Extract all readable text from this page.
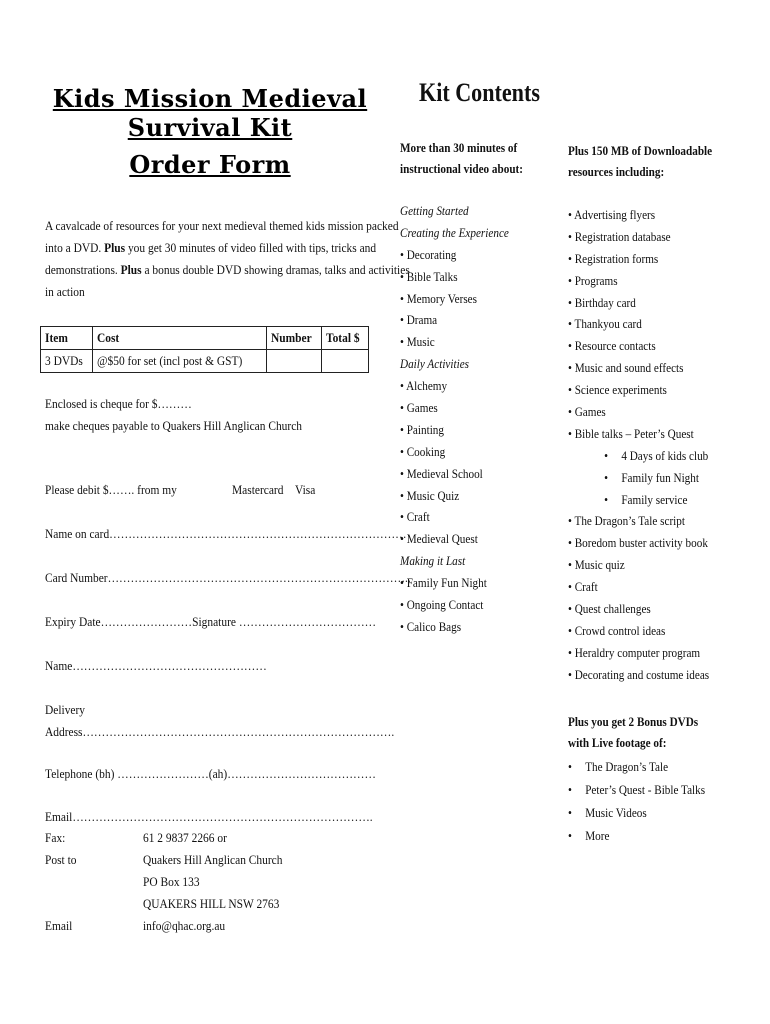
Kids Mission Medieval Survival Kit
Order Form
A cavalcade of resources for your next medieval themed kids mission packed into a DVD. Plus you get 30 minutes of video filled with tips, tricks and demonstrations. Plus a bonus double DVD showing dramas, talks and activities in action
Item	Cost	Number	Total $
3 DVDs	@$50 for set (incl post & GST)		
Enclosed is cheque for $………
make cheques payable to Quakers Hill Anglican Church
Please debit $……. from my	Mastercard Visa
Name on card……………………………………………………………………
Card Number……………………………………………………………………..
Expiry Date……………………Signature ………………………………
Name……………………………………………
Delivery
Address……………………………………………………………………….
Telephone (bh) ……………………(ah)…………………………………
Email…………………………………………………………………….
Fax:	61 2 9837 2266 or
Post to	Quakers Hill Anglican Church
PO Box 133
QUAKERS HILL NSW 2763
Email	info@qhac.org.au
Kit Contents
More than 30 minutes of
instructional video about:
Getting Started
Creating the Experience
• Decorating
• Bible Talks
• Memory Verses
• Drama
• Music
Daily Activities
• Alchemy
• Games
• Painting
• Cooking
• Medieval School
• Music Quiz
• Craft
• Medieval Quest
Making it Last
• Family Fun Night
• Ongoing Contact
• Calico Bags
Plus 150 MB of Downloadable
resources including:
• Advertising flyers
• Registration database
• Registration forms
• Programs
• Birthday card
• Thankyou card
• Resource contacts
• Music and sound effects
• Science experiments
• Games
• Bible talks – Peter’s Quest
• 4 Days of kids club
• Family fun Night
• Family service
• The Dragon’s Tale script
• Boredom buster activity book
• Music quiz
• Craft
• Quest challenges
• Crowd control ideas
• Heraldry computer program
• Decorating and costume ideas
Plus you get 2 Bonus DVDs
with Live footage of:
• The Dragon’s Tale
• Peter’s Quest - Bible Talks
• Music Videos
• More
